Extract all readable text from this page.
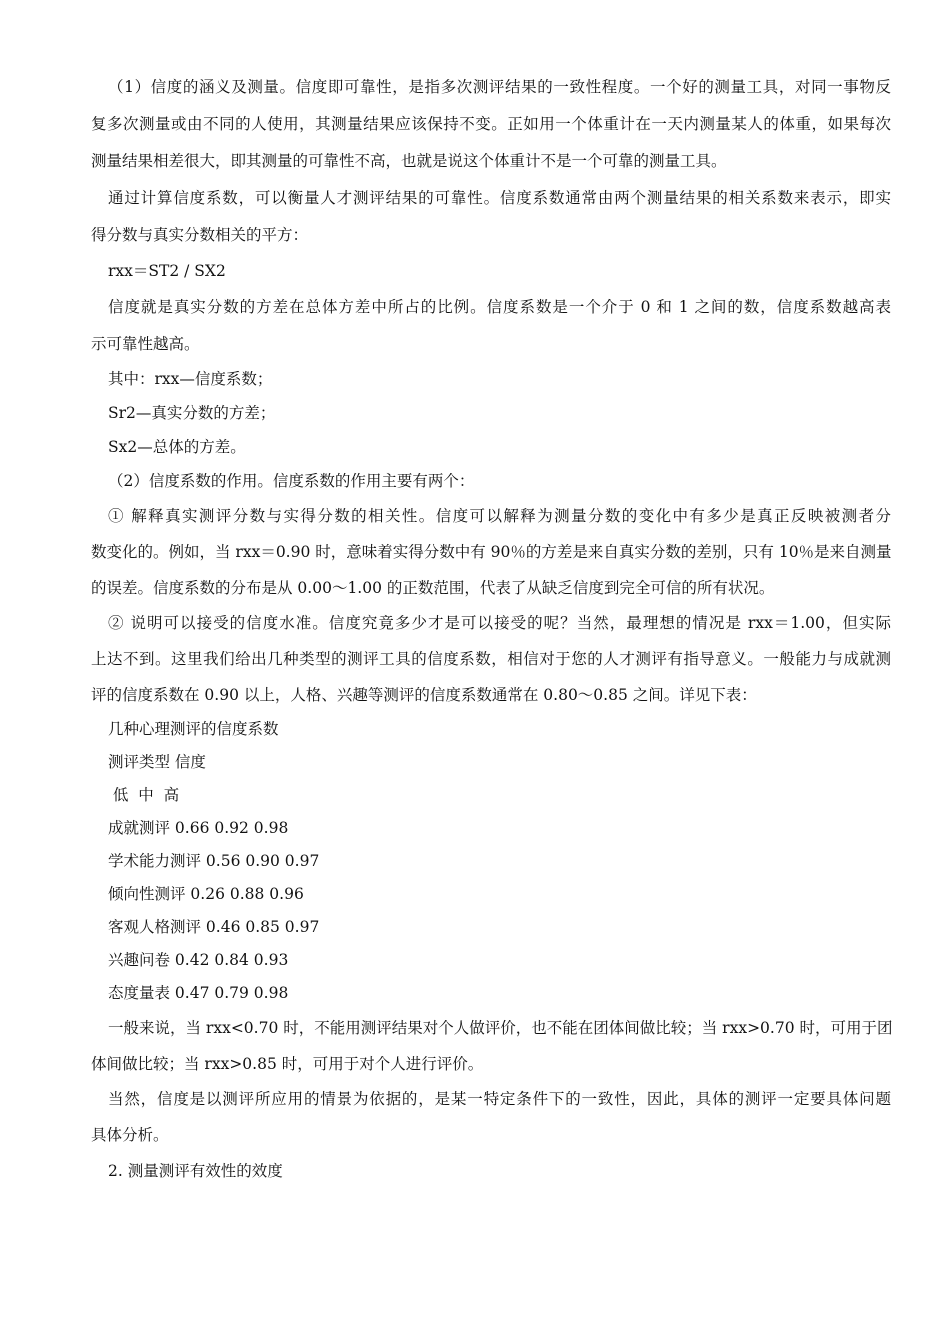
（1）信度的涵义及测量。信度即可靠性，是指多次测评结果的一致性程度。一个好的测量工具，对同一事物反
复多次测量或由不同的人使用，其测量结果应该保持不变。正如用一个体重计在一天内测量某人的体重，如果每次
测量结果相差很大，即其测量的可靠性不高，也就是说这个体重计不是一个可靠的测量工具。
通过计算信度系数，可以衡量人才测评结果的可靠性。信度系数通常由两个测量结果的相关系数来表示，即实
得分数与真实分数相关的平方：
rxx＝ST2 / SX2
信度就是真实分数的方差在总体方差中所占的比例。信度系数是一个介于 0 和 1 之间的数，信度系数越高表
示可靠性越高。
其中：rxx—信度系数；
Sr2—真实分数的方差；
Sx2—总体的方差。
（2）信度系数的作用。信度系数的作用主要有两个：
① 解释真实测评分数与实得分数的相关性。信度可以解释为测量分数的变化中有多少是真正反映被测者分
数变化的。例如，当 rxx＝0.90 时，意味着实得分数中有 90％的方差是来自真实分数的差别，只有 10％是来自测量
的误差。信度系数的分布是从 0.00～1.00 的正数范围，代表了从缺乏信度到完全可信的所有状况。
② 说明可以接受的信度水准。信度究竟多少才是可以接受的呢？当然，最理想的情况是 rxx＝1.00，但实际
上达不到。这里我们给出几种类型的测评工具的信度系数，相信对于您的人才测评有指导意义。一般能力与成就测
评的信度系数在 0.90 以上，人格、兴趣等测评的信度系数通常在 0.80～0.85 之间。详见下表：
几种心理测评的信度系数
测评类型 信度
低  中  高
成就测评 0.66 0.92 0.98
学术能力测评 0.56 0.90 0.97
倾向性测评 0.26 0.88 0.96
客观人格测评 0.46 0.85 0.97
兴趣问卷 0.42 0.84 0.93
态度量表 0.47 0.79 0.98
一般来说，当 rxx<0.70 时，不能用测评结果对个人做评价，也不能在团体间做比较；当 rxx>0.70 时，可用于团
体间做比较；当 rxx>0.85 时，可用于对个人进行评价。
当然，信度是以测评所应用的情景为依据的，是某一特定条件下的一致性，因此，具体的测评一定要具体问题
具体分析。
2. 测量测评有效性的效度
